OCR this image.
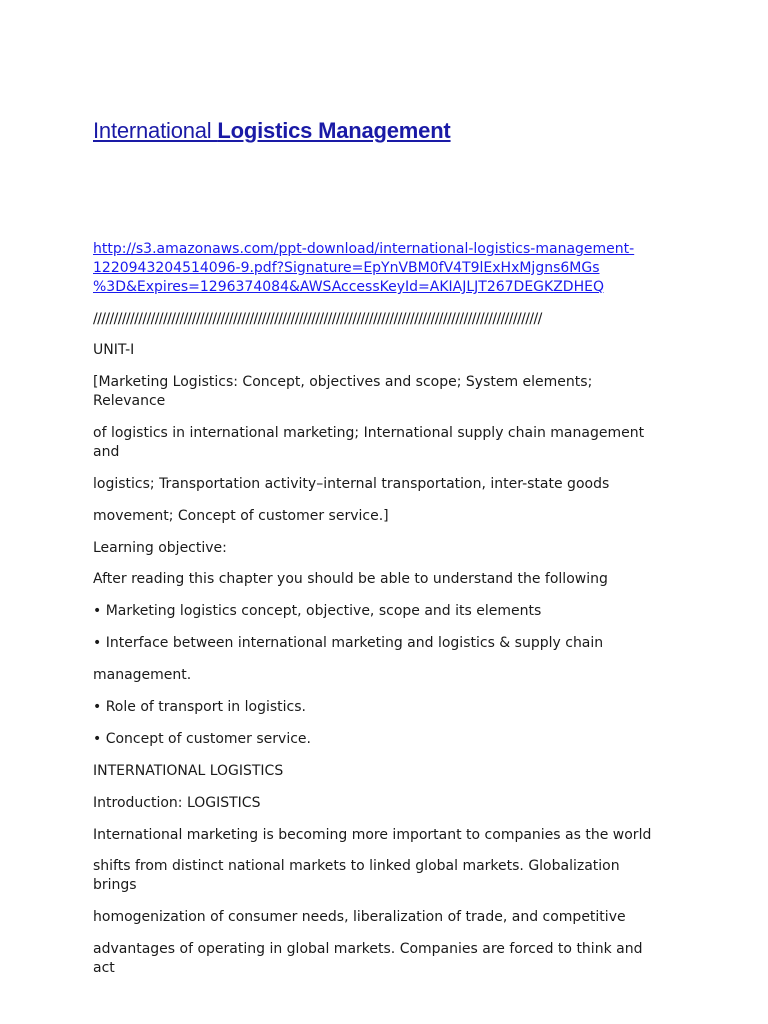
International Logistics Management
http://s3.amazonaws.com/ppt-download/international-logistics-management-
1220943204514096-9.pdf?Signature=EpYnVBM0fV4T9lExHxMjgns6MGs
%3D&Expires=1296374084&AWSAccessKeyId=AKIAJLJT267DEGKZDHEQ
/////////////////////////////////////////////////////////////////////////////////////////////////////////////
UNIT-I
[Marketing Logistics: Concept, objectives and scope; System elements;
Relevance
of logistics in international marketing; International supply chain management
and
logistics; Transportation activity–internal transportation, inter-state goods
movement; Concept of customer service.]
Learning objective:
After reading this chapter you should be able to understand the following
• Marketing logistics concept, objective, scope and its elements
• Interface between international marketing and logistics & supply chain
management.
• Role of transport in logistics.
• Concept of customer service.
INTERNATIONAL LOGISTICS
Introduction: LOGISTICS
International marketing is becoming more important to companies as the world
shifts from distinct national markets to linked global markets. Globalization
brings
homogenization of consumer needs, liberalization of trade, and competitive
advantages of operating in global markets. Companies are forced to think and
act
